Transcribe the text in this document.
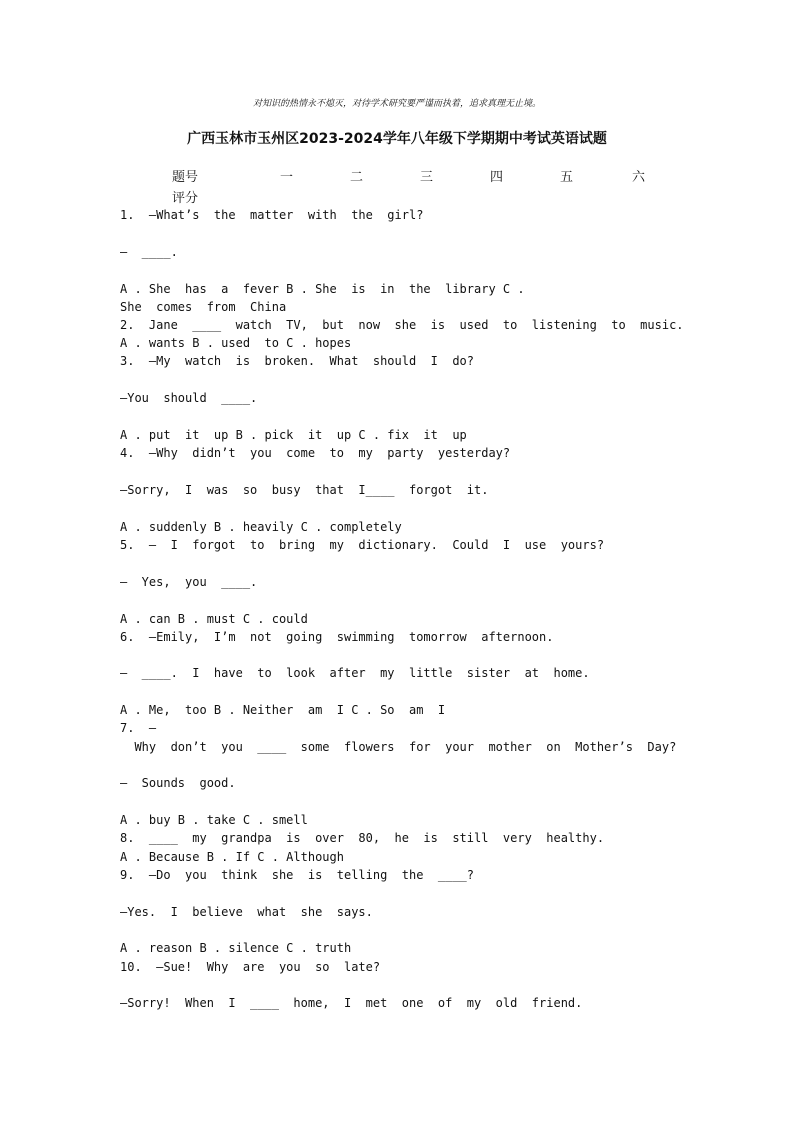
对知识的热情永不熄灭，对待学术研究要严谨而执着，追求真理无止境。
广西玉林市玉州区2023-2024学年八年级下学期期中考试英语试题
题号	一	二	三	四	五	六
评分
1.  —What’s  the  matter  with  the  girl?
—  ____.
A . She  has  a  fever B . She  is  in  the  library C .
She  comes  from  China
2.  Jane  ____  watch  TV,  but  now  she  is  used  to  listening  to  music.
A . wants B . used  to C . hopes
3.  —My  watch  is  broken.  What  should  I  do?
—You  should  ____.
A . put  it  up B . pick  it  up C . fix  it  up
4.  —Why  didn’t  you  come  to  my  party  yesterday?
—Sorry,  I  was  so  busy  that  I____  forgot  it.
A . suddenly B . heavily C . completely
5.  —  I  forgot  to  bring  my  dictionary.  Could  I  use  yours?
—  Yes,  you  ____.
A . can B . must C . could
6.  —Emily,  I’m  not  going  swimming  tomorrow  afternoon.
—  ____.  I  have  to  look  after  my  little  sister  at  home.
A . Me,  too B . Neither  am  I C . So  am  I
7.  —
Why  don’t  you  ____  some  flowers  for  your  mother  on  Mother’s  Day?
—  Sounds  good.
A . buy B . take C . smell
8.  ____  my  grandpa  is  over  80,  he  is  still  very  healthy.
A . Because B . If C . Although
9.  —Do  you  think  she  is  telling  the  ____?
—Yes.  I  believe  what  she  says.
A . reason B . silence C . truth
10.  —Sue!  Why  are  you  so  late?
—Sorry!  When  I  ____  home,  I  met  one  of  my  old  friend.
